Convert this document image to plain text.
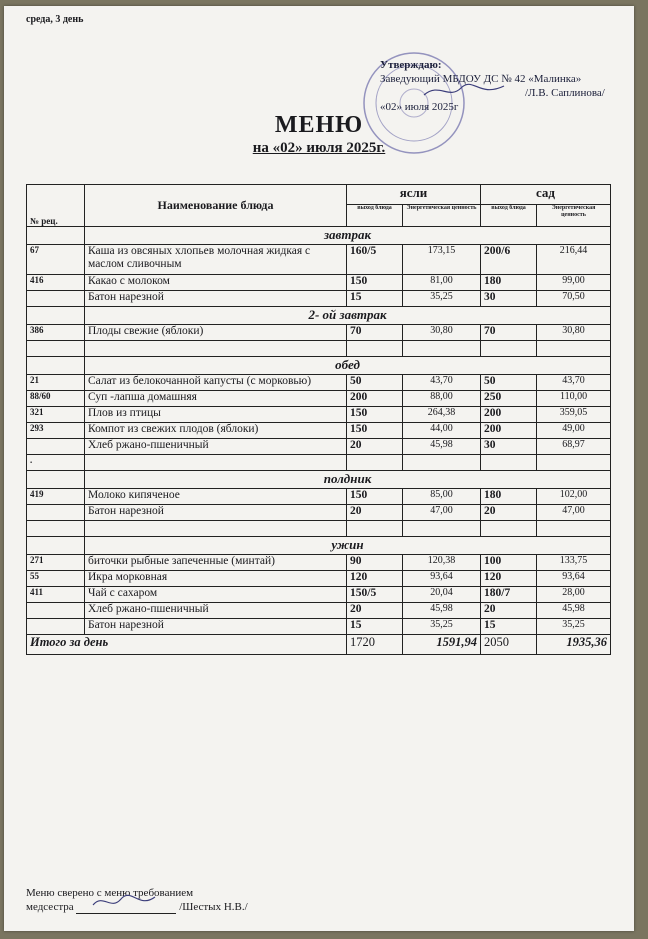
среда, 3 день
Утверждаю:
Заведующий МБДОУ ДС № 42 «Малинка»
/Л.В. Саплинова/
«02» июля 2025г
МЕНЮ
на «02» июля 2025г.
№ рец.	Наименование блюда	ясли		сад	
		выход блюда	Энергетическая ценность	выход блюда	Энергетическая ценность
	завтрак				
67	Каша из овсяных хлопьев молочная жидкая с маслом сливочным	160/5	173,15	200/6	216,44
416	Какао с молоком	150	81,00	180	99,00
	Батон нарезной	15	35,25	30	70,50
	2- ой завтрак				
386	Плоды свежие (яблоки)	70	30,80	70	30,80

	обед				
21	Салат из белокочанной капусты (с морковью)	50	43,70	50	43,70
88/60	Суп -лапша домашняя	200	88,00	250	110,00
321	Плов из птицы	150	264,38	200	359,05
293	Компот из свежих плодов (яблоки)	150	44,00	200	49,00
	Хлеб ржано-пшеничный	20	45,98	30	68,97
.					
	полдник				
419	Молоко кипяченое	150	85,00	180	102,00
	Батон нарезной	20	47,00	20	47,00

	ужин				
271	биточки рыбные запеченные (минтай)	90	120,38	100	133,75
55	Икра морковная	120	93,64	120	93,64
411	Чай с сахаром	150/5	20,04	180/7	28,00
	Хлеб ржано-пшеничный	20	45,98	20	45,98
	Батон нарезной	15	35,25	15	35,25
Итого за день		1720	1591,94	2050	1935,36
Меню сверено с меню требованием
медсестра	/Шестых Н.В./
